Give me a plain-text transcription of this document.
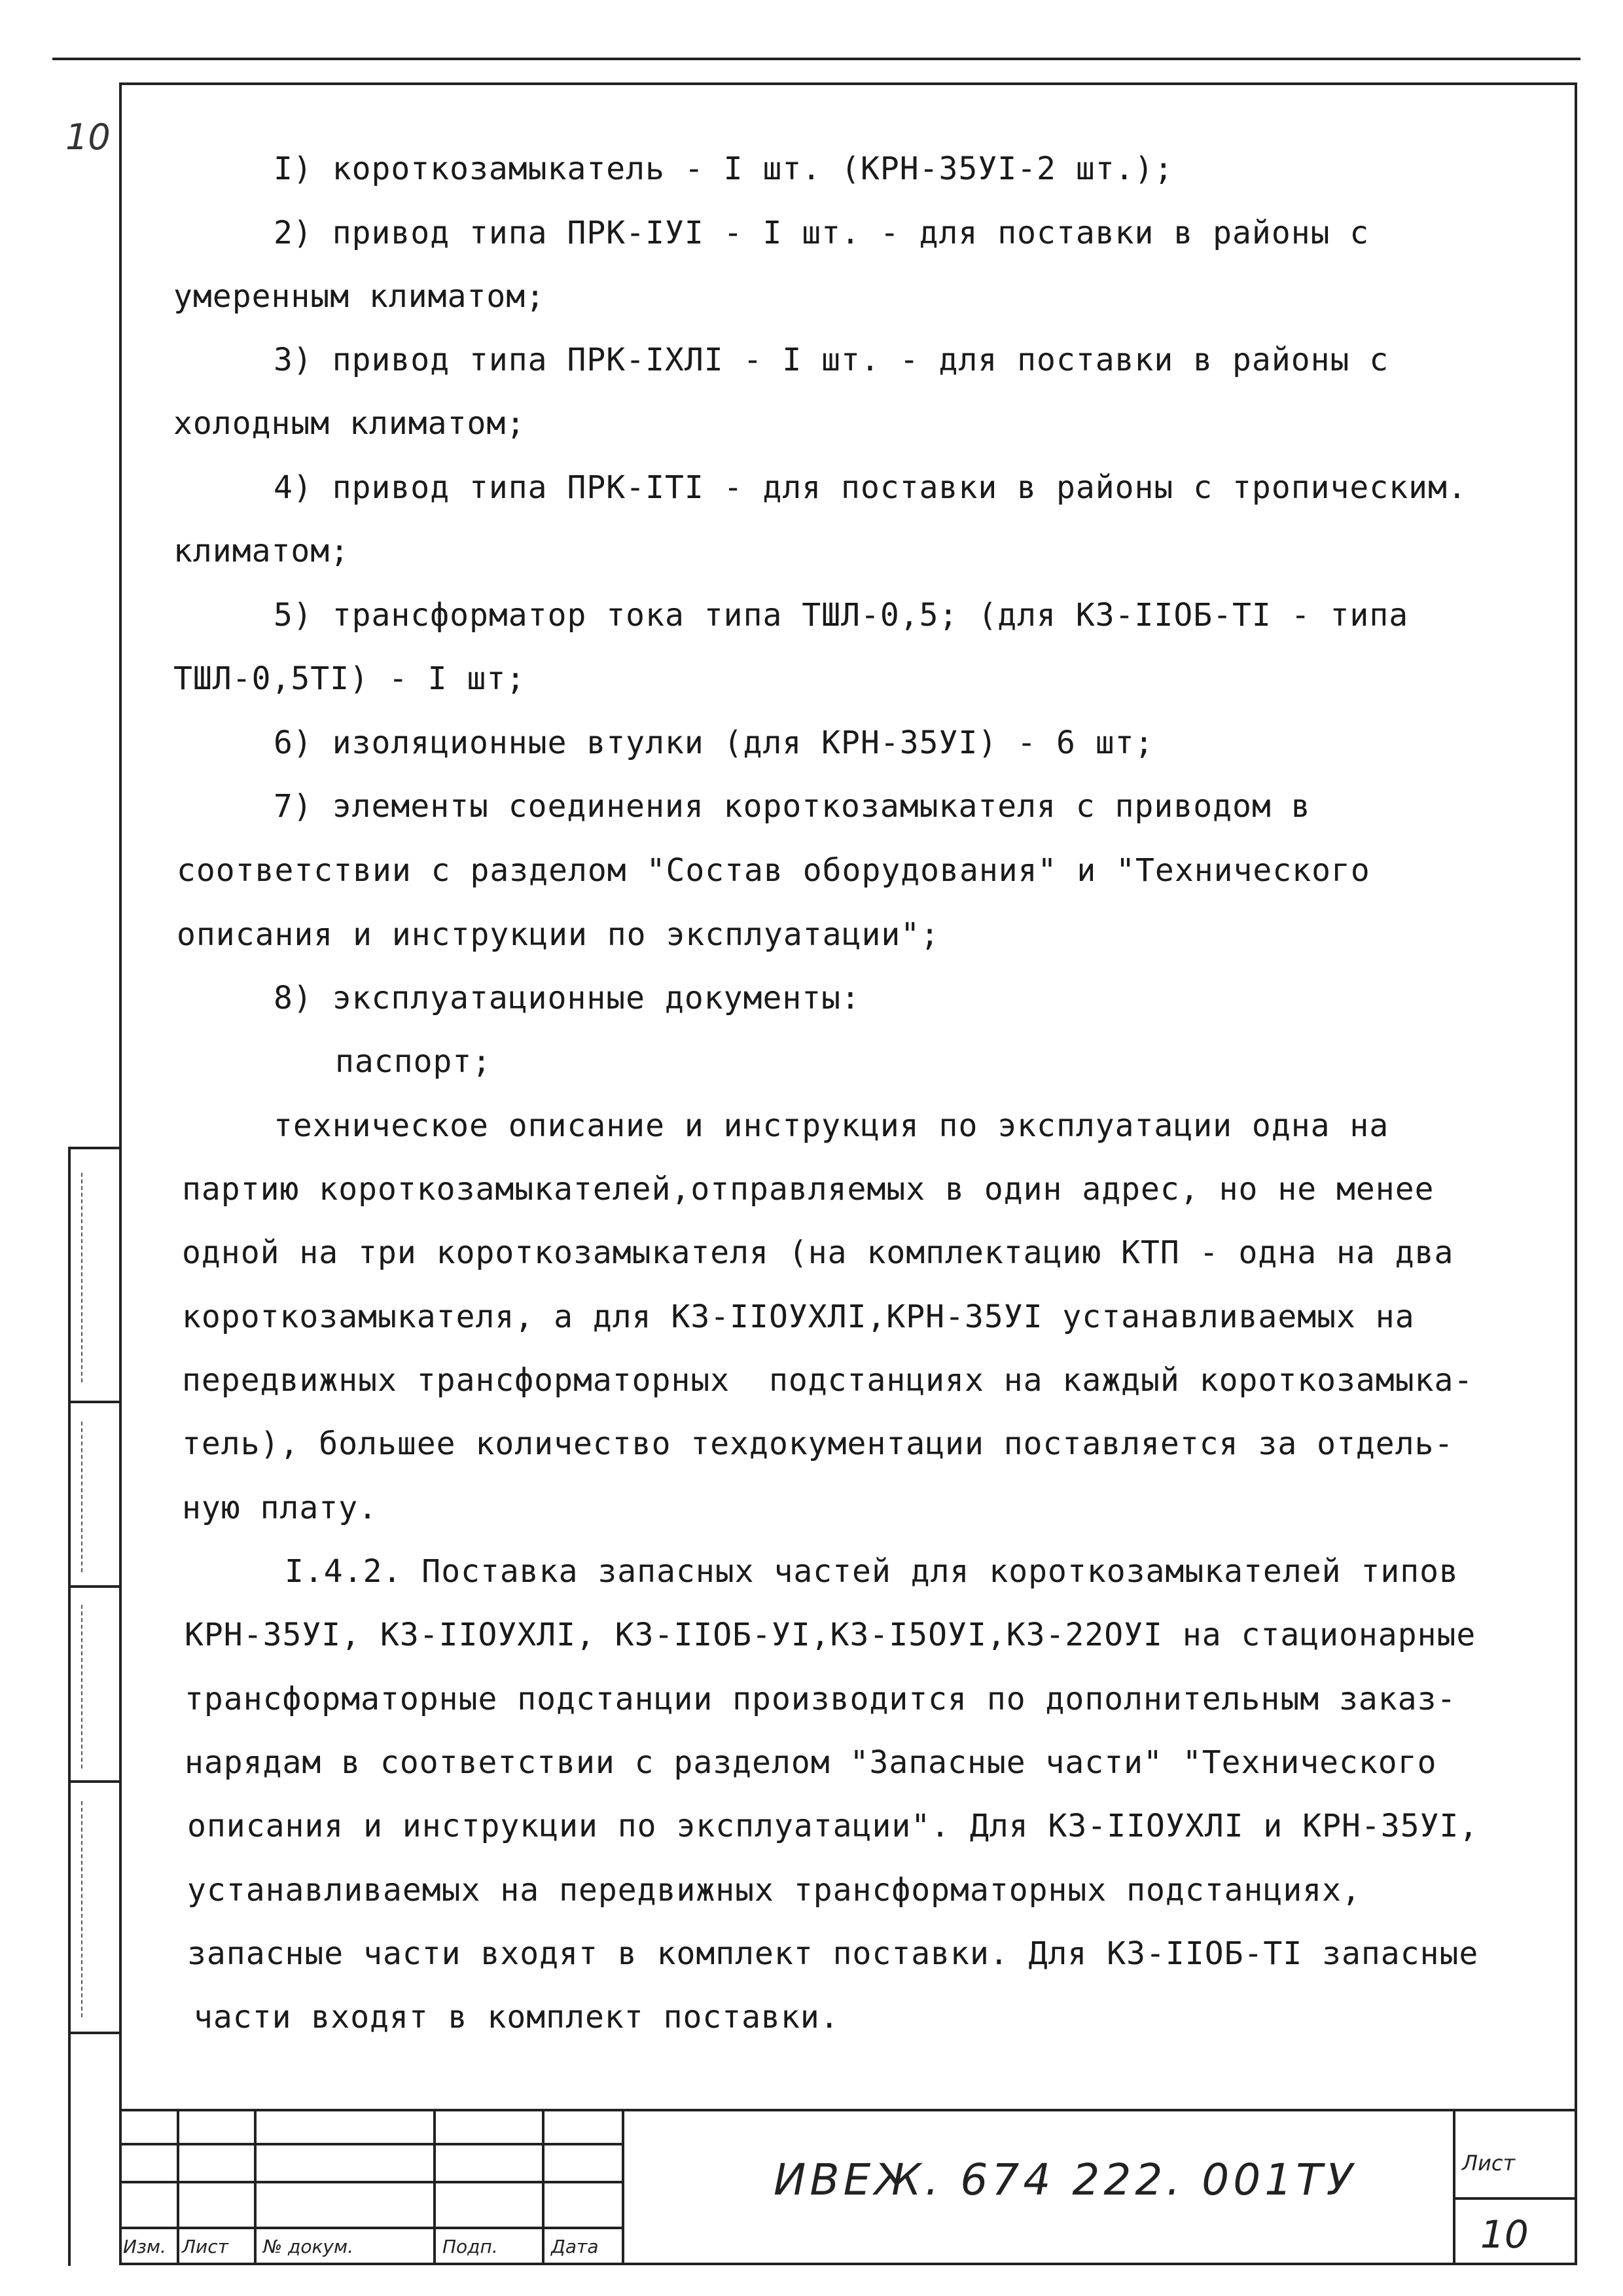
10
I) короткозамыкатель - I шт. (КРН-35УI-2 шт.);
2) привод типа ПРК-IУI - I шт. - для поставки в районы с
умеренным климатом;
3) привод типа ПРК-IХЛI - I шт. - для поставки в районы с
холодным климатом;
4) привод типа ПРК-ITI - для поставки в районы с тропическим.
климатом;
5) трансформатор тока типа ТШЛ-0,5; (для КЗ-IIОБ-ТI - типа
ТШЛ-0,5ТI) - I шт;
6) изоляционные втулки (для КРН-35УI) - 6 шт;
7) элементы соединения короткозамыкателя с приводом в
соответствии с разделом "Состав оборудования" и "Технического
описания и инструкции по эксплуатации";
8) эксплуатационные документы:
паспорт;
техническое описание и инструкция по эксплуатации одна на
партию короткозамыкателей,отправляемых в один адрес, но не менее
одной на три короткозамыкателя (на комплектацию КТП - одна на два
короткозамыкателя, а для КЗ-IIОУХЛI,КРН-35УI устанавливаемых на
передвижных трансформаторных  подстанциях на каждый короткозамыка-
тель), большее количество техдокументации поставляется за отдель-
ную плату.
I.4.2. Поставка запасных частей для короткозамыкателей типов
КРН-35УI, КЗ-IIОУХЛI, КЗ-IIОБ-УI,КЗ-I5ОУI,КЗ-22ОУI на стационарные
трансформаторные подстанции производится по дополнительным заказ-
нарядам в соответствии с разделом "Запасные части" "Технического
описания и инструкции по эксплуатации". Для КЗ-IIОУХЛI и КРН-35УI,
устанавливаемых на передвижных трансформаторных подстанциях,
запасные части входят в комплект поставки. Для КЗ-IIОБ-ТI запасные
части входят в комплект поставки.
Изм. Лист № докум.	Подп.	Дата
ИВЕЖ. 674 222. 001ТУ	Лист
10
